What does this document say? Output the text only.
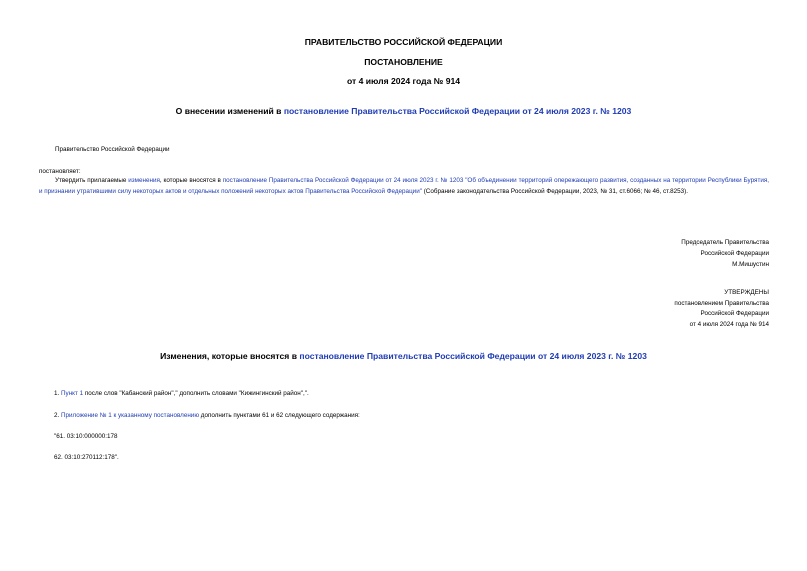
ПРАВИТЕЛЬСТВО РОССИЙСКОЙ ФЕДЕРАЦИИ
ПОСТАНОВЛЕНИЕ
от 4 июля 2024 года № 914
О внесении изменений в постановление Правительства Российской Федерации от 24 июля 2023 г. № 1203
Правительство Российской Федерации
постановляет:
Утвердить прилагаемые изменения, которые вносятся в постановление Правительства Российской Федерации от 24 июля 2023 г. № 1203 "Об объединении территорий опережающего развития, созданных на территории Республики Бурятия, и признании утратившими силу некоторых актов и отдельных положений некоторых актов Правительства Российской Федерации" (Собрание законодательства Российской Федерации, 2023, № 31, ст.6066; № 46, ст.8253).
Председатель Правительства
Российской Федерации
М.Мишустин
УТВЕРЖДЕНЫ
постановлением Правительства
Российской Федерации
от 4 июля 2024 года № 914
Изменения, которые вносятся в постановление Правительства Российской Федерации от 24 июля 2023 г. № 1203
1. Пункт 1 после слов "Кабанский район"," дополнить словами "Кижингинский район",".
2. Приложение № 1 к указанному постановлению дополнить пунктами 61 и 62 следующего содержания:
"61. 03:10:000000:178
62. 03:10:270112:178".
